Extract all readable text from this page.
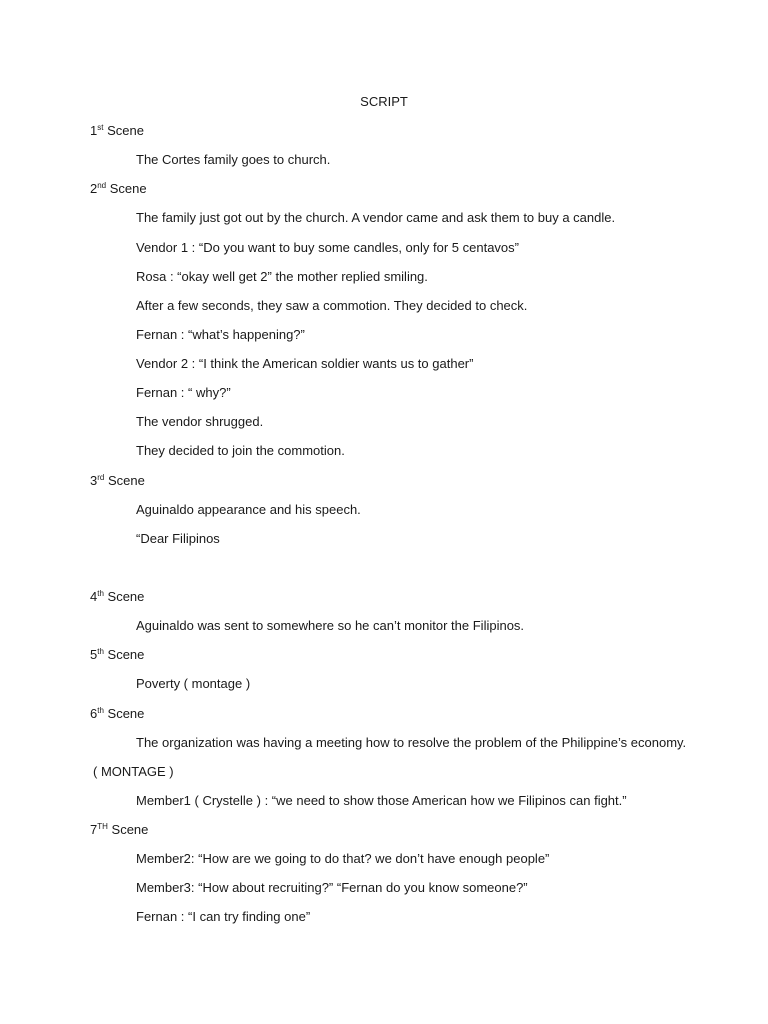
SCRIPT
1st Scene
The Cortes family goes to church.
2nd Scene
The family just got out by the church. A vendor came and ask them to buy a candle.
Vendor 1 : “Do you want to buy some candles, only for 5 centavos”
Rosa : “okay well get 2” the mother replied smiling.
After a few seconds, they saw a commotion. They decided to check.
Fernan : “what’s happening?”
Vendor 2 : “I think the American soldier wants us to gather”
Fernan : “ why?”
The vendor shrugged.
They decided to join the commotion.
3rd Scene
Aguinaldo appearance and his speech.
“Dear Filipinos
4th Scene
Aguinaldo was sent to somewhere so he can’t monitor the Filipinos.
5th Scene
Poverty ( montage )
6th Scene
The organization was having a meeting how to resolve the problem of the Philippine’s economy.
( MONTAGE )
Member1 ( Crystelle ) : “we need to show those American how we Filipinos can fight.”
7TH Scene
Member2: “How are we going to do that? we don’t have enough people”
Member3: “How about recruiting?” “Fernan do you know someone?”
Fernan : “I can try finding one”
